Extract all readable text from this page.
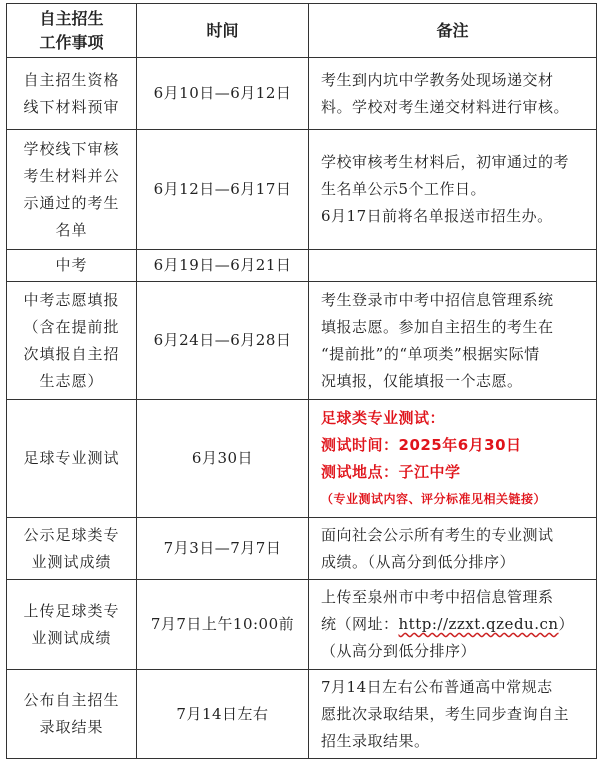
自主招生
工作事项	时间	备注

自主招生资格
线下材料预审	6月10日—6月12日	考生到内坑中学教务处现场递交材
料。学校对考生递交材料进行审核。

学校线下审核
考生材料并公
示通过的考生
名单	6月12日—6月17日	学校审核考生材料后，初审通过的考
生名单公示5个工作日。
6月17日前将名单报送市招生办。

中考	6月19日—6月21日	

中考志愿填报
（含在提前批
次填报自主招
生志愿）	6月24日—6月28日	考生登录市中考中招信息管理系统
填报志愿。参加自主招生的考生在
“提前批”的“单项类”根据实际情
况填报，仅能填报一个志愿。

足球专业测试	6月30日	足球类专业测试：
测试时间：2025年6月30日
测试地点：子江中学
（专业测试内容、评分标准见相关链接）

公示足球类专
业测试成绩	7月3日—7月7日	面向社会公示所有考生的专业测试
成绩。（从高分到低分排序）

上传足球类专
业测试成绩	7月7日上午10:00前	上传至泉州市中考中招信息管理系
统（网址：http://zzxt.qzedu.cn）
（从高分到低分排序）

公布自主招生
录取结果	7月14日左右	7月14日左右公布普通高中常规志
愿批次录取结果，考生同步查询自主
招生录取结果。
